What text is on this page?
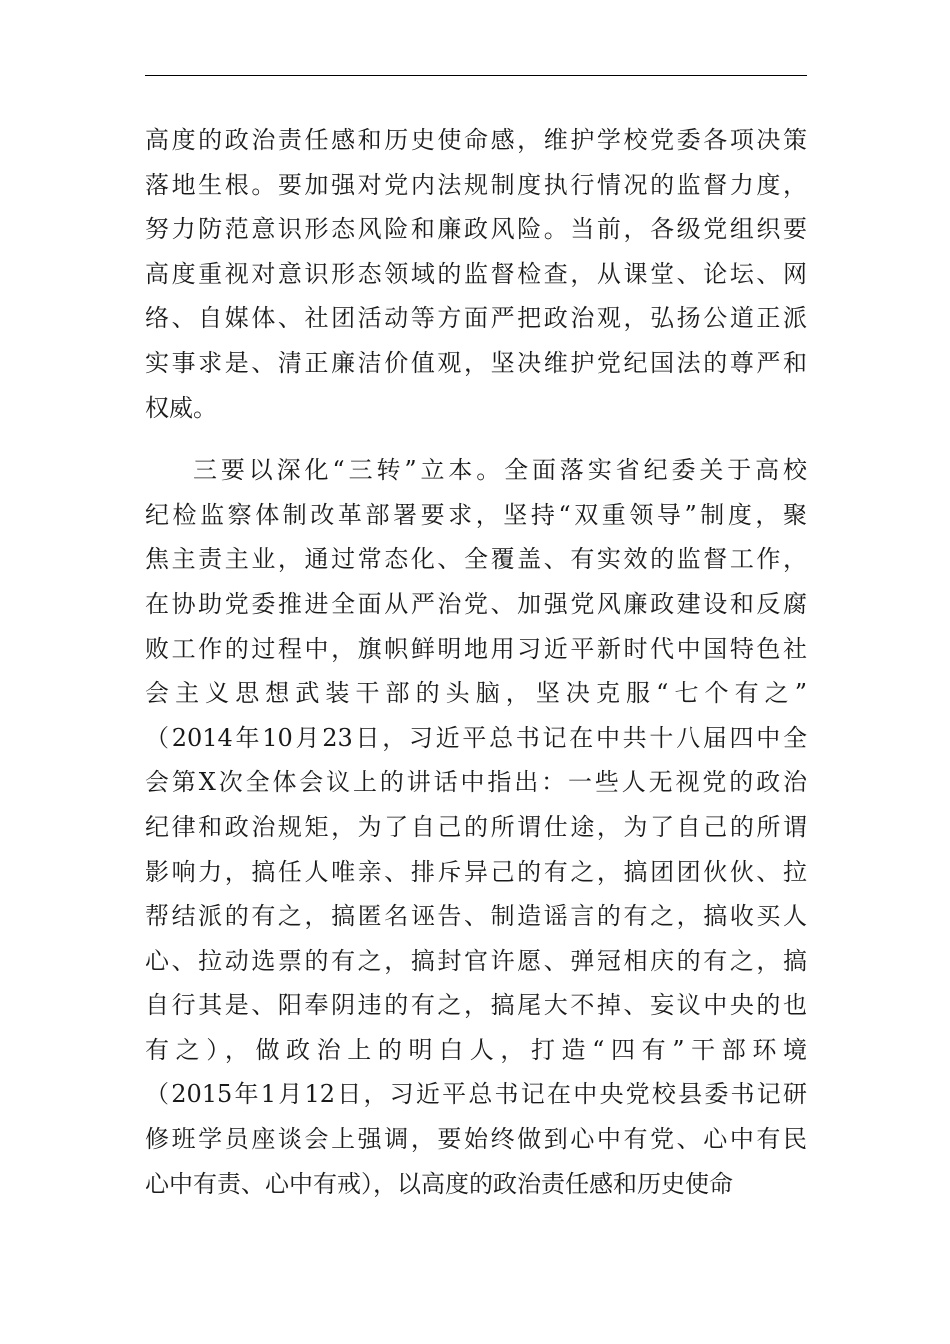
高度的政治责任感和历史使命感，维护学校党委各项决策
落地生根。要加强对党内法规制度执行情况的监督力度，
努力防范意识形态风险和廉政风险。当前，各级党组织要
高度重视对意识形态领域的监督检查，从课堂、论坛、网
络、自媒体、社团活动等方面严把政治观，弘扬公道正派
实事求是、清正廉洁价值观，坚决维护党纪国法的尊严和
权威。
三要以深化“三转”立本。全面落实省纪委关于高校
纪检监察体制改革部署要求，坚持“双重领导”制度，聚
焦主责主业，通过常态化、全覆盖、有实效的监督工作，
在协助党委推进全面从严治党、加强党风廉政建设和反腐
败工作的过程中，旗帜鲜明地用习近平新时代中国特色社
会主义思想武装干部的头脑，坚决克服“七个有之”
（2014年10月23日，习近平总书记在中共十八届四中全
会第X次全体会议上的讲话中指出：一些人无视党的政治
纪律和政治规矩，为了自己的所谓仕途，为了自己的所谓
影响力，搞任人唯亲、排斥异己的有之，搞团团伙伙、拉
帮结派的有之，搞匿名诬告、制造谣言的有之，搞收买人
心、拉动选票的有之，搞封官许愿、弹冠相庆的有之，搞
自行其是、阳奉阴违的有之，搞尾大不掉、妄议中央的也
有之），做政治上的明白人，打造“四有”干部环境
（2015年1月12日，习近平总书记在中央党校县委书记研
修班学员座谈会上强调，要始终做到心中有党、心中有民
心中有责、心中有戒），以高度的政治责任感和历史使命
